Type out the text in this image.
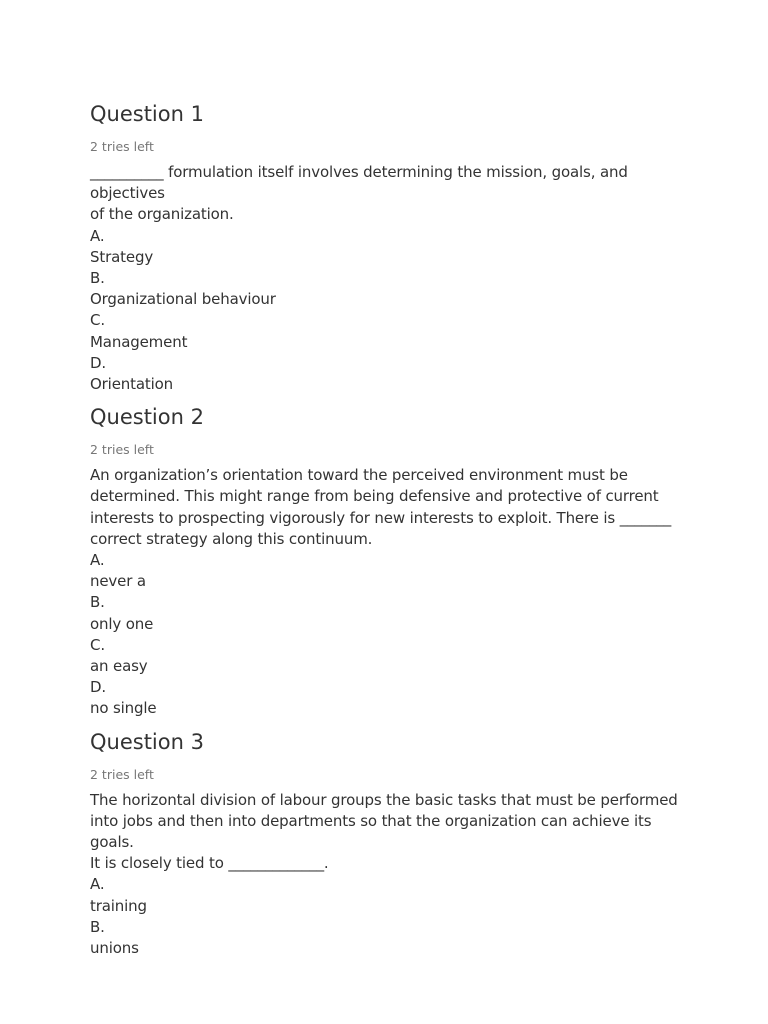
Question 1
2 tries left
__________ formulation itself involves determining the mission, goals, and objectives
of the organization.
A.
Strategy
B.
Organizational behaviour
C.
Management
D.
Orientation
Question 2
2 tries left
An organization’s orientation toward the perceived environment must be
determined. This might range from being defensive and protective of current
interests to prospecting vigorously for new interests to exploit. There is _______
correct strategy along this continuum.
A.
never a
B.
only one
C.
an easy
D.
no single
Question 3
2 tries left
The horizontal division of labour groups the basic tasks that must be performed
into jobs and then into departments so that the organization can achieve its goals.
It is closely tied to _____________.
A.
training
B.
unions
